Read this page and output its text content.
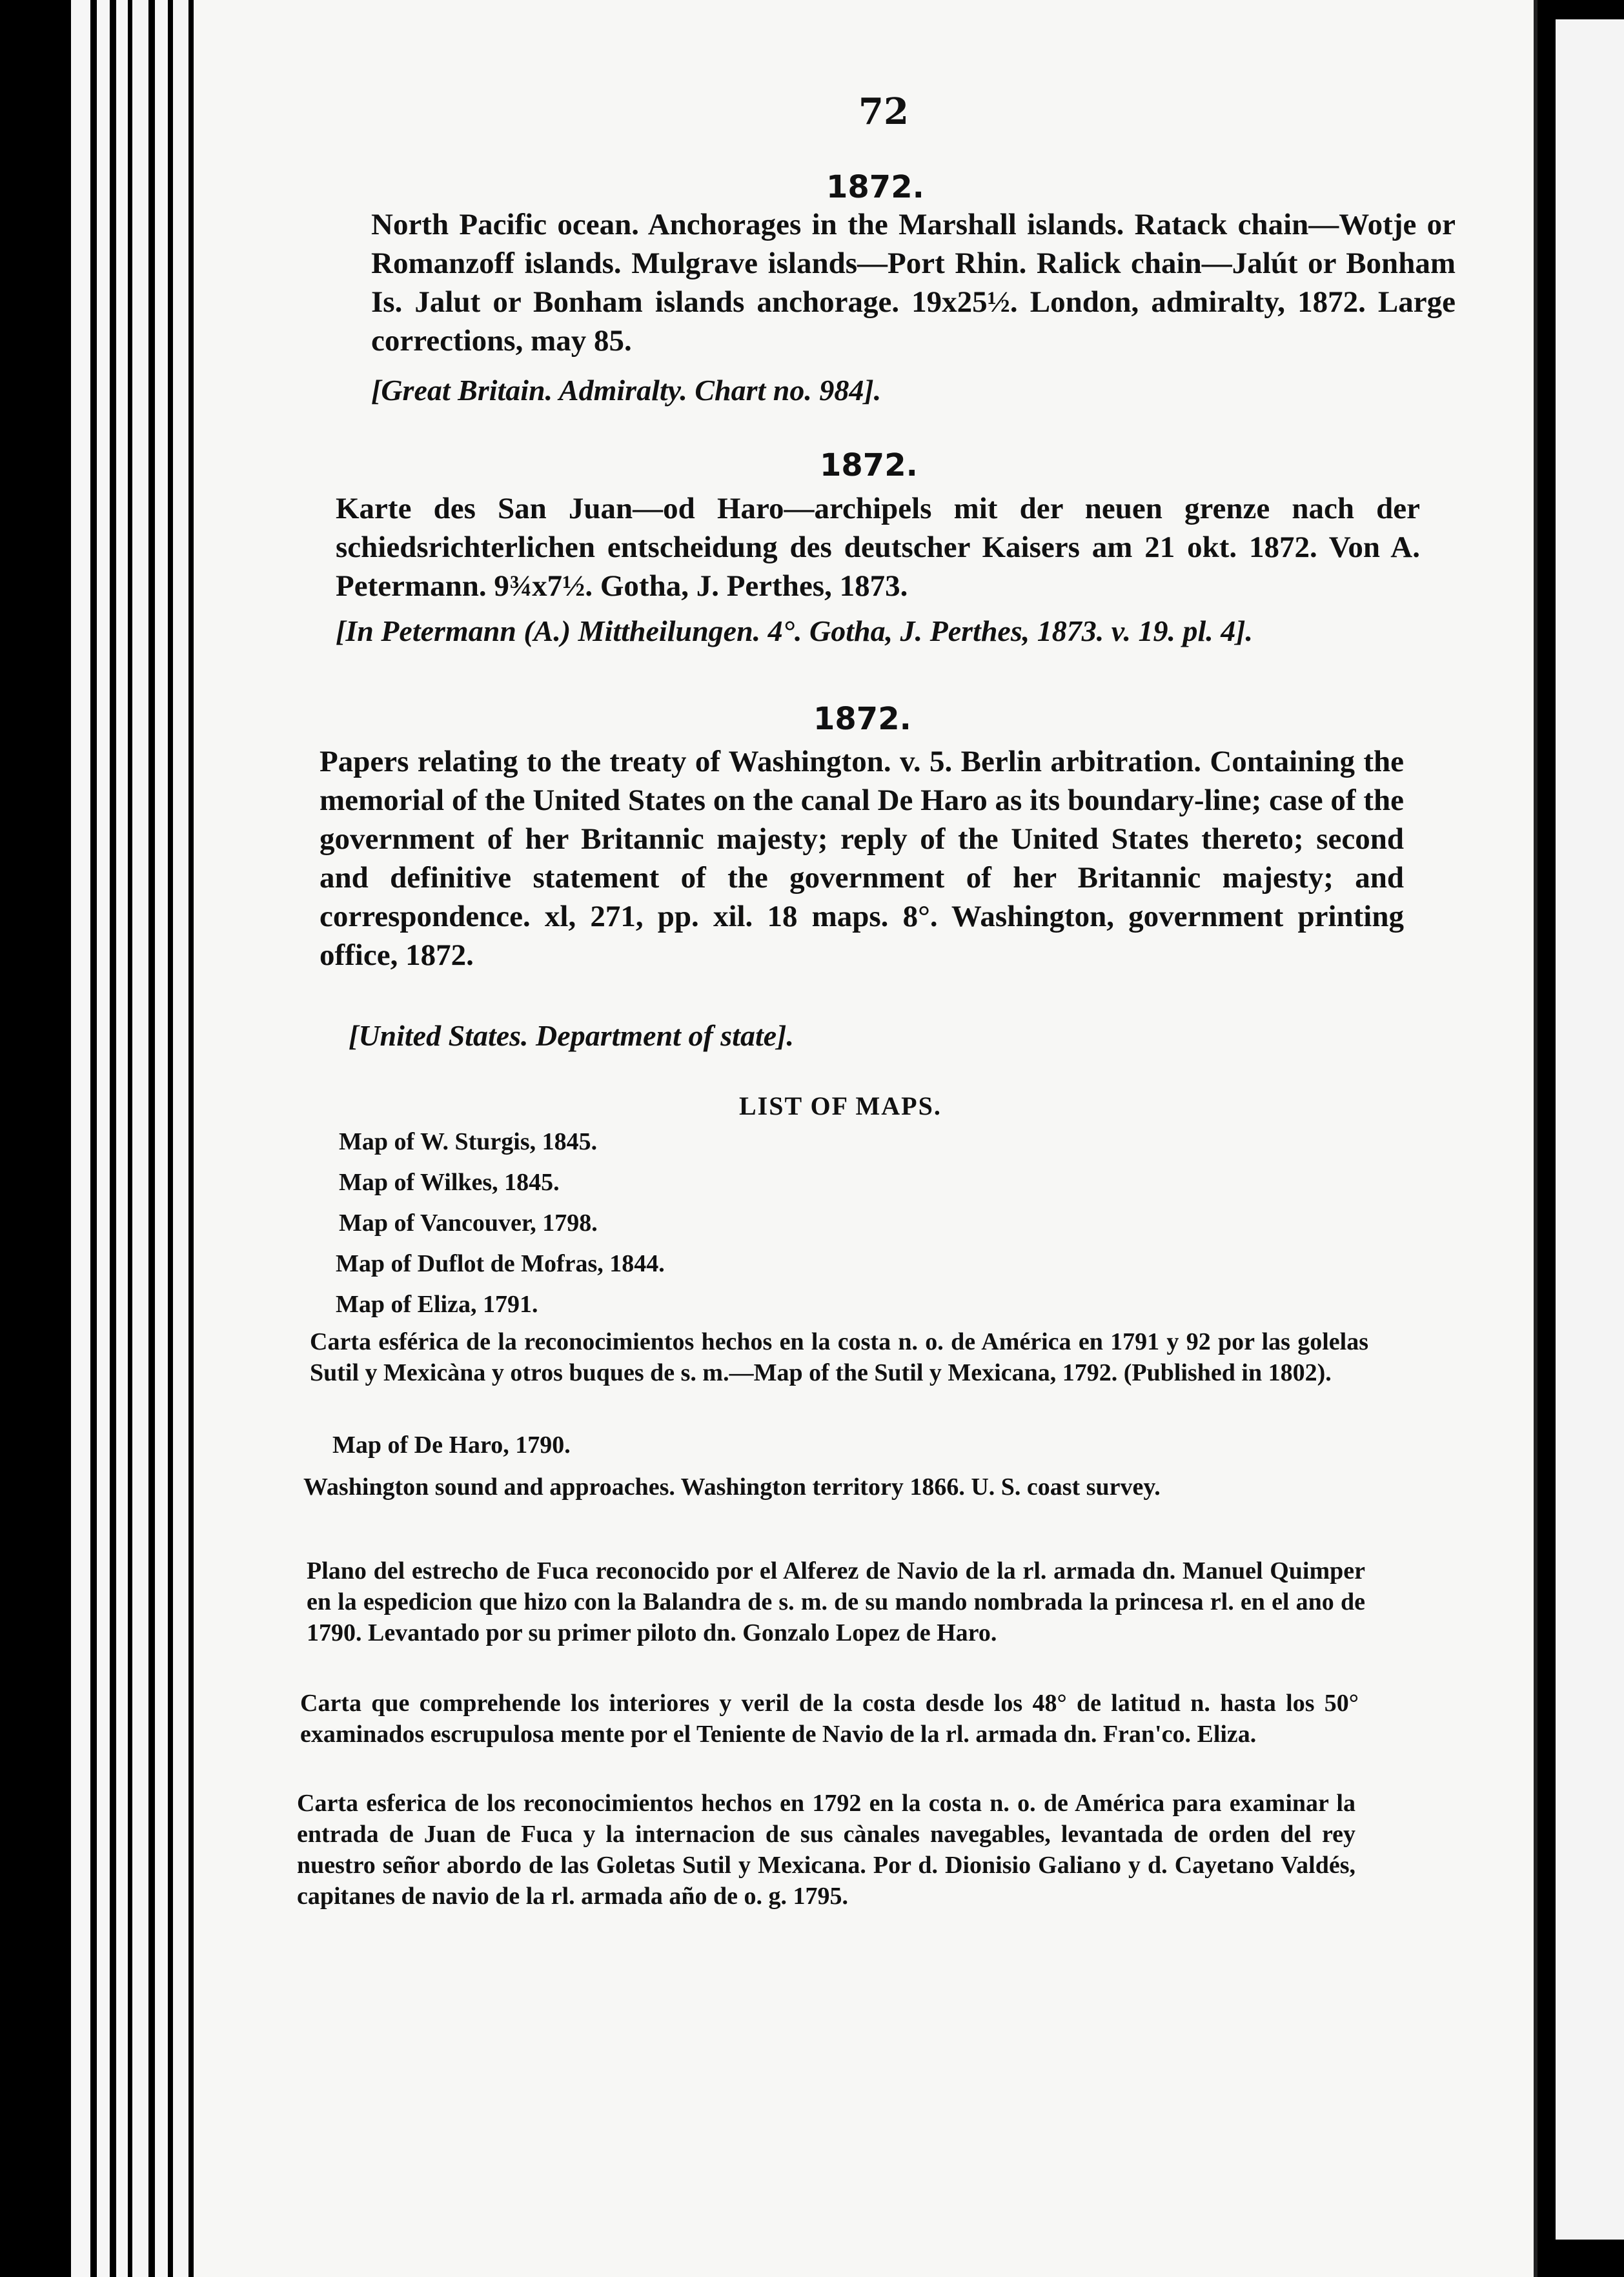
72
1872.
North Pacific ocean. Anchorages in the Marshall islands. Ratack chain—Wotje or Romanzoff islands. Mulgrave islands—Port Rhin. Ralick chain—Jalút or Bonham Is. Jalut or Bonham islands anchorage. 19x25½. London, admiralty, 1872. Large corrections, may 85.
[Great Britain. Admiralty. Chart no. 984].
1872.
Karte des San Juan—od Haro—archipels mit der neuen grenze nach der schiedsrichterlichen entscheidung des deutscher Kaisers am 21 okt. 1872. Von A. Petermann. 9¾x7½. Gotha, J. Perthes, 1873.
[In Petermann (A.) Mittheilungen. 4°. Gotha, J. Perthes, 1873. v. 19. pl. 4].
1872.
Papers relating to the treaty of Washington. v. 5. Berlin arbitration. Containing the memorial of the United States on the canal De Haro as its boundary-line; case of the government of her Britannic majesty; reply of the United States thereto; second and definitive statement of the government of her Britannic majesty; and correspondence. xl, 271, pp. xil. 18 maps. 8°. Washington, government printing office, 1872.
[United States. Department of state].
LIST OF MAPS.
Map of W. Sturgis, 1845.
Map of Wilkes, 1845.
Map of Vancouver, 1798.
Map of Duflot de Mofras, 1844.
Map of Eliza, 1791.
Carta esférica de la reconocimientos hechos en la costa n. o. de América en 1791 y 92 por las golelas Sutil y Mexicàna y otros buques de s. m.—Map of the Sutil y Mexicana, 1792. (Published in 1802).
Map of De Haro, 1790.
Washington sound and approaches. Washington territory 1866. U. S. coast survey.
Plano del estrecho de Fuca reconocido por el Alferez de Navio de la rl. armada dn. Manuel Quimper en la espedicion que hizo con la Balandra de s. m. de su mando nombrada la princesa rl. en el ano de 1790. Levantado por su primer piloto dn. Gonzalo Lopez de Haro.
Carta que comprehende los interiores y veril de la costa desde los 48° de latitud n. hasta los 50° examinados escrupulosa mente por el Teniente de Navio de la rl. armada dn. Fran'co. Eliza.
Carta esferica de los reconocimientos hechos en 1792 en la costa n. o. de América para examinar la entrada de Juan de Fuca y la internacion de sus cànales navegables, levantada de orden del rey nuestro señor abordo de las Goletas Sutil y Mexicana. Por d. Dionisio Galiano y d. Cayetano Valdés, capitanes de navio de la rl. armada año de o. g. 1795.
